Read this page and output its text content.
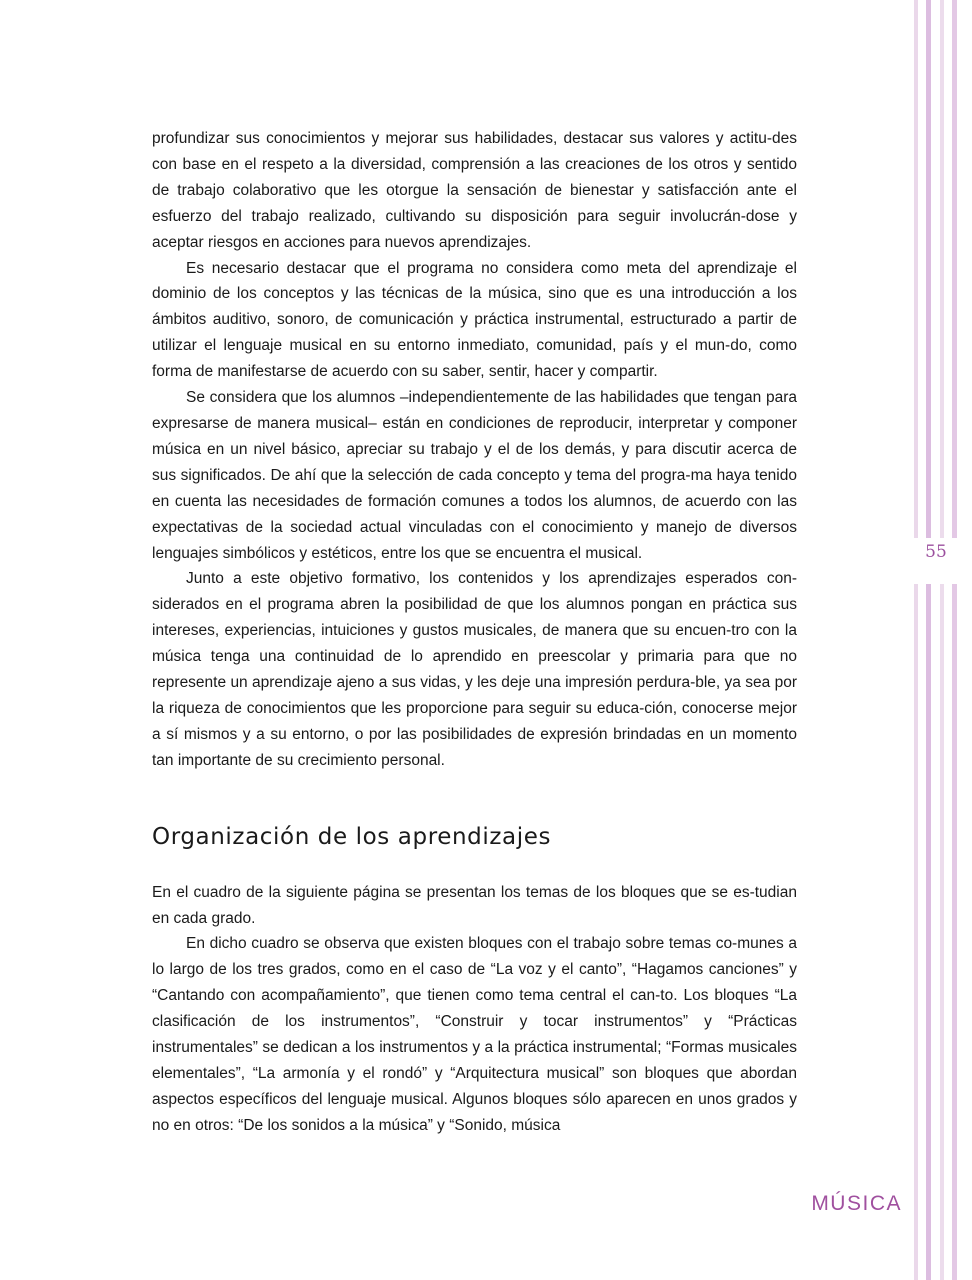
55

profundizar sus conocimientos y mejorar sus habilidades, destacar sus valores y actitu-des con base en el respeto a la diversidad, comprensión a las creaciones de los otros y sentido de trabajo colaborativo que les otorgue la sensación de bienestar y satisfacción ante el esfuerzo del trabajo realizado, cultivando su disposición para seguir involucrán-dose y aceptar riesgos en acciones para nuevos aprendizajes.

Es necesario destacar que el programa no considera como meta del aprendizaje el dominio de los conceptos y las técnicas de la música, sino que es una introducción a los ámbitos auditivo, sonoro, de comunicación y práctica instrumental, estructurado a partir de utilizar el lenguaje musical en su entorno inmediato, comunidad, país y el mun-do, como forma de manifestarse de acuerdo con su saber, sentir, hacer y compartir.

Se considera que los alumnos –independientemente de las habilidades que tengan para expresarse de manera musical– están en condiciones de reproducir, interpretar y componer música en un nivel básico, apreciar su trabajo y el de los demás, y para discutir acerca de sus significados. De ahí que la selección de cada concepto y tema del progra-ma haya tenido en cuenta las necesidades de formación comunes a todos los alumnos, de acuerdo con las expectativas de la sociedad actual vinculadas con el conocimiento y manejo de diversos lenguajes simbólicos y estéticos, entre los que se encuentra el musical.

Junto a este objetivo formativo, los contenidos y los aprendizajes esperados con-siderados en el programa abren la posibilidad de que los alumnos pongan en práctica sus intereses, experiencias, intuiciones y gustos musicales, de manera que su encuen-tro con la música tenga una continuidad de lo aprendido en preescolar y primaria para que no represente un aprendizaje ajeno a sus vidas, y les deje una impresión perdura-ble, ya sea por la riqueza de conocimientos que les proporcione para seguir su educa-ción, conocerse mejor a sí mismos y a su entorno, o por las posibilidades de expresión brindadas en un momento tan importante de su crecimiento personal.

Organización de los aprendizajes

En el cuadro de la siguiente página se presentan los temas de los bloques que se es-tudian en cada grado.

En dicho cuadro se observa que existen bloques con el trabajo sobre temas co-munes a lo largo de los tres grados, como en el caso de “La voz y el canto”, “Hagamos canciones” y “Cantando con acompañamiento”, que tienen como tema central el can-to. Los bloques “La clasificación de los instrumentos”, “Construir y tocar instrumentos” y “Prácticas instrumentales” se dedican a los instrumentos y a la práctica instrumental; “Formas musicales elementales”, “La armonía y el rondó” y “Arquitectura musical” son bloques que abordan aspectos específicos del lenguaje musical. Algunos bloques sólo aparecen en unos grados y no en otros: “De los sonidos a la música” y “Sonido, música

MÚSICA
